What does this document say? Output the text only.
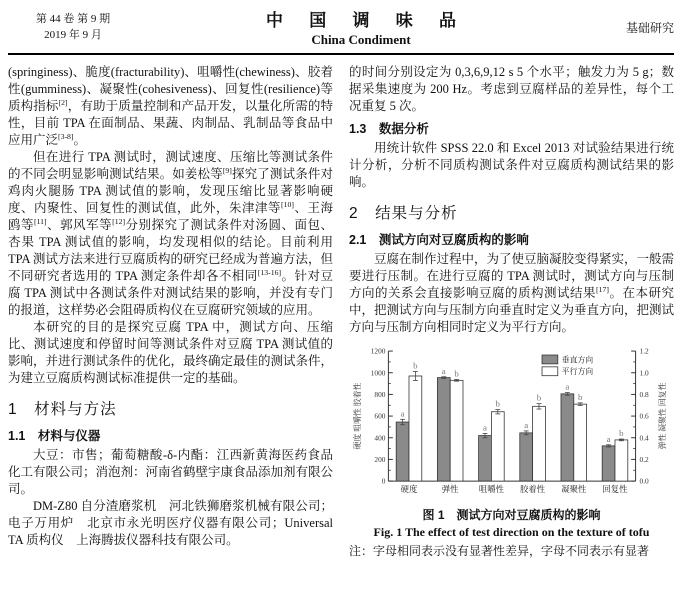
第 44 卷 第 9 期
2019 年 9 月
中 国 调 味 品
China Condiment
基础研究

(springiness)、脆度(fracturability)、咀嚼性(chewiness)、胶着性(gumminess)、凝聚性(cohesiveness)、回复性(resilience)等质构指标[2]，有助于质量控制和产品开发，以量化所需的特性，目前 TPA 在面制品、果蔬、肉制品、乳制品等食品中应用广泛[3-8]。

但在进行 TPA 测试时，测试速度、压缩比等测试条件的不同会明显影响测试结果。如姜松等[9]探究了测试条件对鸡肉火腿肠 TPA 测试值的影响，发现压缩比显著影响硬度、内聚性、回复性的测试值，此外，朱津津等[10]、王海鸥等[11]、郭风军等[12]分别探究了测试条件对汤圆、面包、杏果 TPA 测试值的影响，均发现相似的结论。目前利用 TPA 测试方法来进行豆腐质构的研究已经成为普遍方法，但不同研究者选用的 TPA 测定条件却各不相同[13-16]。针对豆腐 TPA 测试中各测试条件对测试结果的影响，并没有专门的报道，这样势必会阻碍质构仪在豆腐研究领域的应用。

本研究的目的是探究豆腐 TPA 中，测试方向、压缩比、测试速度和停留时间等测试条件对豆腐 TPA 测试值的影响，并进行测试条件的优化，最终确定最佳的测试条件，为建立豆腐质构测试标准提供一定的基础。

1　材料与方法
1.1　材料与仪器

大豆：市售；葡萄糖酸-δ-内酯：江西新黄海医药食品化工有限公司；消泡剂：河南省鹤壁宇康食品添加剂有限公司。

DM-Z80 自分渣磨浆机　河北铁狮磨浆机械有限公司；电子万用炉　北京市永光明医疗仪器有限公司；Universal TA 质构仪　上海腾拔仪器科技有限公司。

的时间分别设定为 0,3,6,9,12 s 5 个水平；触发力为 5 g；数据采集速度为 200 Hz。考虑到豆腐样品的差异性，每个工况重复 5 次。

1.3　数据分析

用统计软件 SPSS 22.0 和 Excel 2013 对试验结果进行统计分析，分析不同质构测试条件对豆腐质构测试结果的影响。

2　结果与分析
2.1　测试方向对豆腐质构的影响

豆腐在制作过程中，为了使豆脑凝胶变得紧实，一般需要进行压制。在进行豆腐的 TPA 测试时，测试方向与压制方向的关系会直接影响豆腐的质构测试结果[17]。在本研究中，把测试方向与压制方向垂直时定义为垂直方向，把测试方向与压制方向相同时定义为平行方向。

0
200
400
600
800
1000
1200
0.0
0.2
0.4
0.6
0.8
1.0
1.2
硬度 咀嚼性 胶着性	弹性 凝聚性 回复性
硬度
a
b
弹性
a b
咀嚼性
a
b
胶着性
a
b
凝聚性
a
b
回复性
a
b
垂直方向
平行方向
图 1　测试方向对豆腐质构的影响
Fig. 1 The effect of test direction on the texture of tofu
注：字母相同表示没有显著性差异，字母不同表示有显著
